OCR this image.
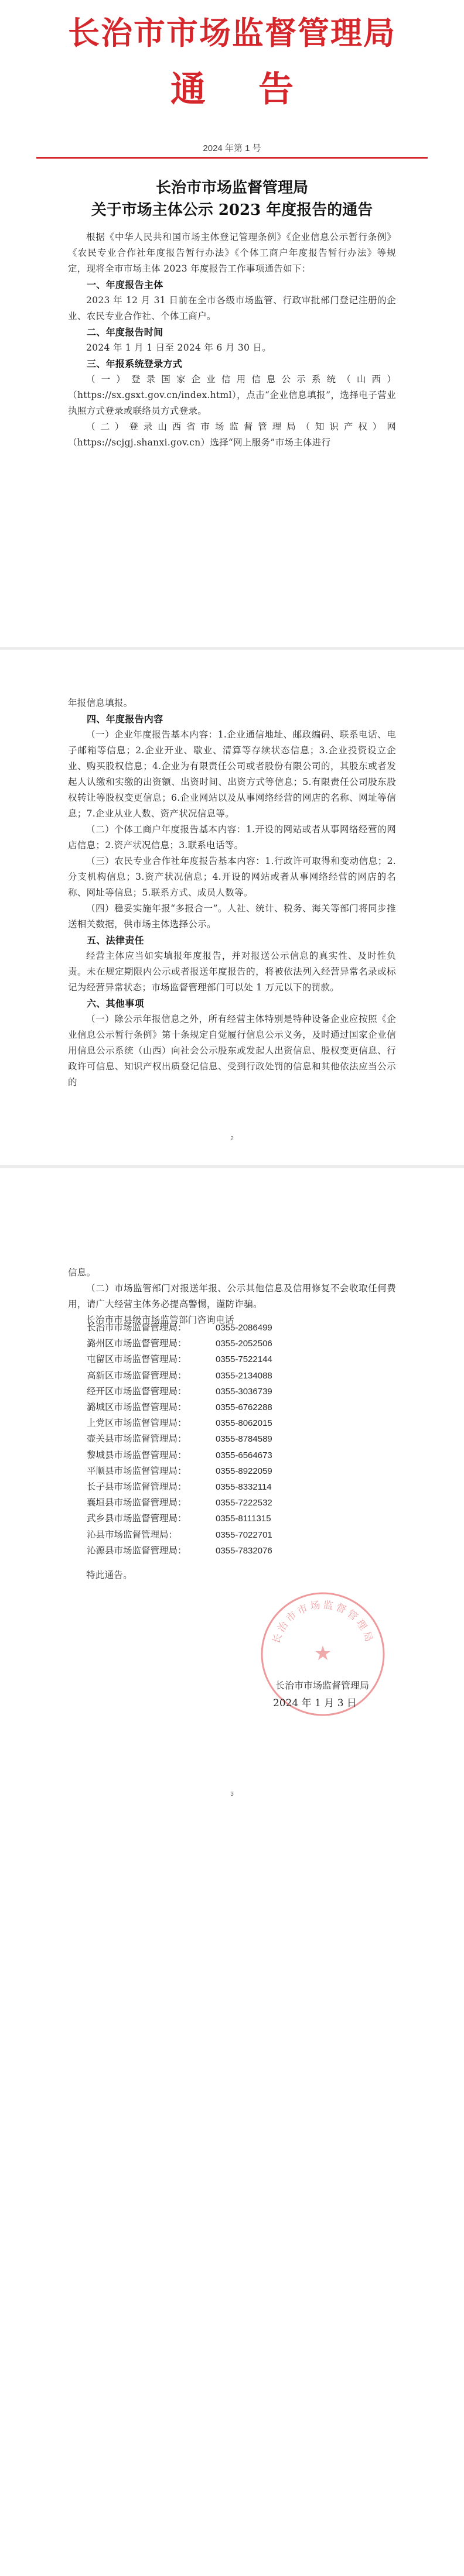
长治市市场监督管理局
通告
2024 年第 1 号
长治市市场监督管理局
关于市场主体公示 2023 年度报告的通告

根据《中华人民共和国市场主体登记管理条例》《企业信息公示暂行条例》《农民专业合作社年度报告暂行办法》《个体工商户年度报告暂行办法》等规定，现将全市市场主体 2023 年度报告工作事项通告如下：

一、年度报告主体

2023 年 12 月 31 日前在全市各级市场监管、行政审批部门登记注册的企业、农民专业合作社、个体工商户。

二、年度报告时间

2024 年 1 月 1 日至 2024 年 6 月 30 日。

三、年报系统登录方式

（一）登录国家企业信用信息公示系统（山西）（https://sx.gsxt.gov.cn/index.html），点击“企业信息填报”，选择电子营业执照方式登录或联络员方式登录。

（二）登录山西省市场监督管理局（知识产权）网（https://scjgj.shanxi.gov.cn）选择“网上服务”市场主体进行

年报信息填报。

四、年度报告内容

（一）企业年度报告基本内容：1.企业通信地址、邮政编码、联系电话、电子邮箱等信息；2.企业开业、歇业、清算等存续状态信息；3.企业投资设立企业、购买股权信息；4.企业为有限责任公司或者股份有限公司的，其股东或者发起人认缴和实缴的出资额、出资时间、出资方式等信息；5.有限责任公司股东股权转让等股权变更信息；6.企业网站以及从事网络经营的网店的名称、网址等信息；7.企业从业人数、资产状况信息等。

（二）个体工商户年度报告基本内容：1.开设的网站或者从事网络经营的网店信息；2.资产状况信息；3.联系电话等。

（三）农民专业合作社年度报告基本内容：1.行政许可取得和变动信息；2.分支机构信息；3.资产状况信息；4.开设的网站或者从事网络经营的网店的名称、网址等信息；5.联系方式、成员人数等。

（四）稳妥实施年报“多报合一”。人社、统计、税务、海关等部门将同步推送相关数据，供市场主体选择公示。

五、法律责任

经营主体应当如实填报年度报告，并对报送公示信息的真实性、及时性负责。未在规定期限内公示或者报送年度报告的，将被依法列入经营异常名录或标记为经营异常状态；市场监督管理部门可以处 1 万元以下的罚款。

六、其他事项

（一）除公示年报信息之外，所有经营主体特别是特种设备企业应按照《企业信息公示暂行条例》第十条规定自觉履行信息公示义务，及时通过国家企业信用信息公示系统（山西）向社会公示股东或发起人出资信息、股权变更信息、行政许可信息、知识产权出质登记信息、受到行政处罚的信息和其他依法应当公示的

2

信息。

（二）市场监管部门对报送年报、公示其他信息及信用修复不会收取任何费用，请广大经营主体务必提高警惕，谨防诈骗。

长治市市县级市场监管部门咨询电话

长治市市场监督管理局：	0355-2086499
潞州区市场监督管理局：	0355-2052506
屯留区市场监督管理局：	0355-7522144
高新区市场监督管理局：	0355-2134088
经开区市场监督管理局：	0355-3036739
潞城区市场监督管理局：	0355-6762288
上党区市场监督管理局：	0355-8062015
壶关县市场监督管理局：	0355-8784589
黎城县市场监督管理局：	0355-6564673
平顺县市场监督管理局：	0355-8922059
长子县市场监督管理局：	0355-8332114
襄垣县市场监督管理局：	0355-7222532
武乡县市场监督管理局：	0355-8111315
沁县市场监督管理局：	0355-7022701
沁源县市场监督管理局：	0355-7832076

特此通告。

★
长治市市场监督管理局
长治市市场监督管理局
2024 年 1 月 3 日
3
